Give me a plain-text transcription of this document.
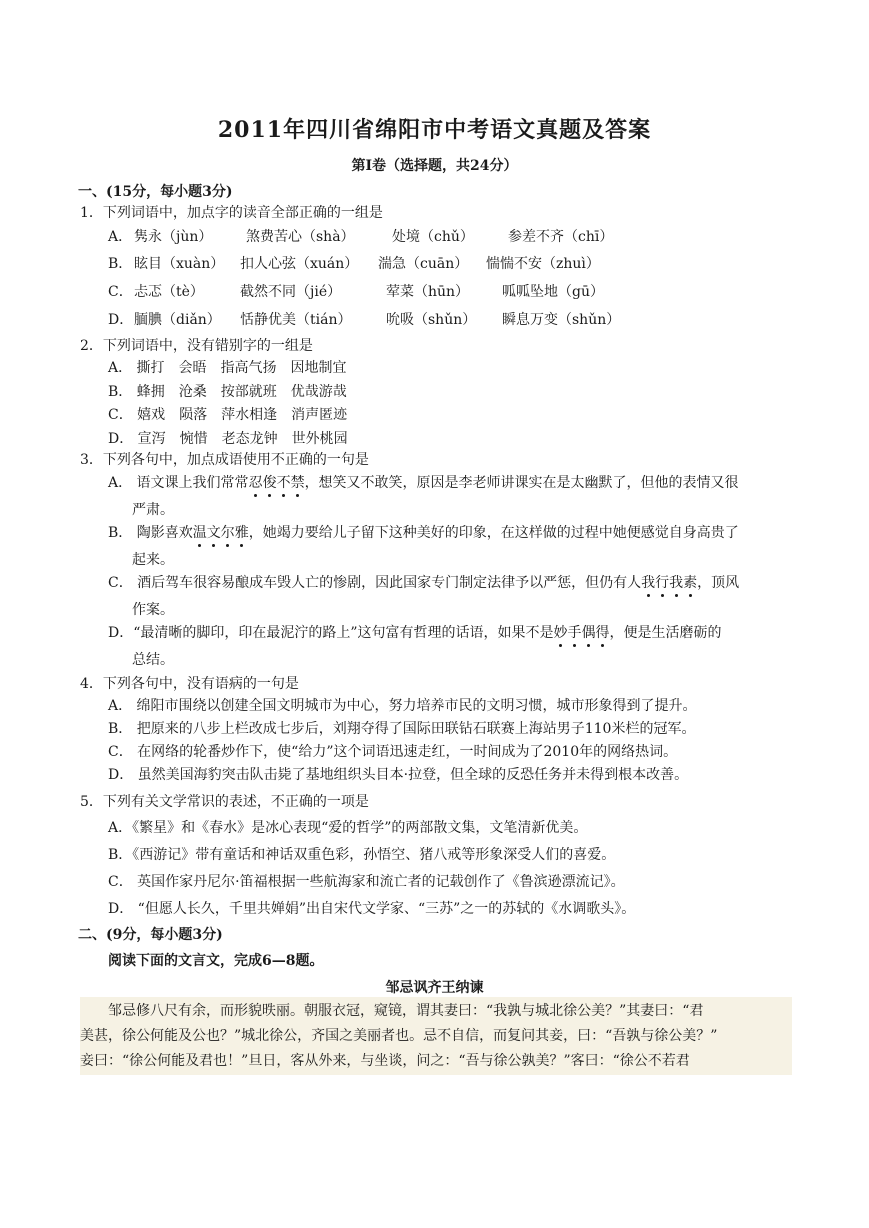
2011年四川省绵阳市中考语文真题及答案
第Ⅰ卷（选择题，共24分）
一、(15分，每小题3分)
1．下列词语中，加点字的读音全部正确的一组是
A． 隽永（jùn） 煞费苦心（shà）	处境（chǔ） 参差不齐（chī）
B． 眩目（xuàn） 扣人心弦（xuán） 湍急（cuān） 惴惴不安（zhuì）
C． 忐忑（tè）	截然不同（jié）	荤菜（hūn） 呱呱坠地（gū）
D． 腼腆（diǎn） 恬静优美（tián） 吮吸（shǔn） 瞬息万变（shǔn）
2．下列词语中，没有错别字的一组是
A． 撕打　会晤　指高气扬　因地制宜
B． 蜂拥　沧桑　按部就班　优哉游哉
C． 嬉戏　陨落　萍水相逢　消声匿迹
D． 宣泻　惋惜　老态龙钟　世外桃园
3．下列各句中，加点成语使用不正确的一句是
A． 语文课上我们常常忍俊不禁，想笑又不敢笑，原因是李老师讲课实在是太幽默了，但他的表情又很
严肃。
B． 陶影喜欢温文尔雅，她竭力要给儿子留下这种美好的印象，在这样做的过程中她便感觉自身高贵了
起来。
C． 酒后驾车很容易酿成车毁人亡的惨剧，因此国家专门制定法律予以严惩，但仍有人我行我素，顶风
作案。
D．“最清晰的脚印，印在最泥泞的路上”这句富有哲理的话语，如果不是妙手偶得，便是生活磨砺的
总结。
4．下列各句中，没有语病的一句是
A． 绵阳市围绕以创建全国文明城市为中心，努力培养市民的文明习惯，城市形象得到了提升。
B． 把原来的八步上栏改成七步后，刘翔夺得了国际田联钻石联赛上海站男子110米栏的冠军。
C． 在网络的轮番炒作下，使“给力”这个词语迅速走红，一时间成为了2010年的网络热词。
D． 虽然美国海豹突击队击毙了基地组织头目本·拉登，但全球的反恐任务并未得到根本改善。
5．下列有关文学常识的表述，不正确的一项是
A．《繁星》和《春水》是冰心表现“爱的哲学”的两部散文集，文笔清新优美。
B．《西游记》带有童话和神话双重色彩，孙悟空、猪八戒等形象深受人们的喜爱。
C． 英国作家丹尼尔·笛福根据一些航海家和流亡者的记载创作了《鲁滨逊漂流记》。
D． “但愿人长久，千里共婵娟”出自宋代文学家、“三苏”之一的苏轼的《水调歌头》。
二、(9分，每小题3分)
阅读下面的文言文，完成6—8题。
邹忌讽齐王纳谏
　　邹忌修八尺有余，而形貌昳丽。朝服衣冠，窥镜，谓其妻曰：“我孰与城北徐公美？”其妻曰：“君
美甚，徐公何能及公也？”城北徐公，齐国之美丽者也。忌不自信，而复问其妾，曰：“吾孰与徐公美？”
妾曰：“徐公何能及君也！”旦日，客从外来，与坐谈，问之：“吾与徐公孰美？”客曰：“徐公不若君
